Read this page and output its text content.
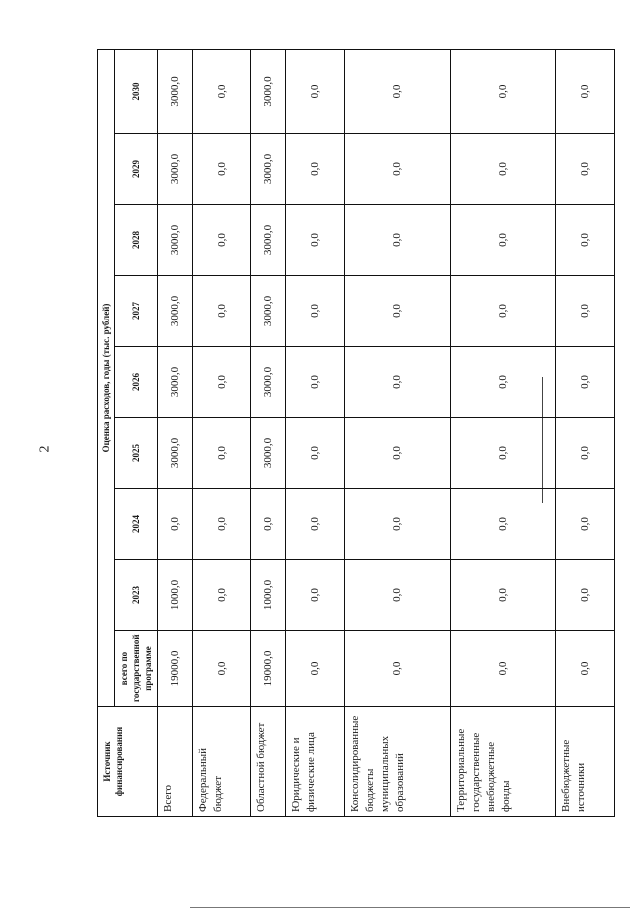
2
Источник финансирования	Оценка расходов, годы (тыс. рублей)								
	всего по государственной программе	2023	2024	2025	2026	2027	2028	2029	2030
Всего	19000,0	1000,0	0,0	3000,0	3000,0	3000,0	3000,0	3000,0	3000,0
Федеральный бюджет	0,0	0,0	0,0	0,0	0,0	0,0	0,0	0,0	0,0
Областной бюджет	19000,0	1000,0	0,0	3000,0	3000,0	3000,0	3000,0	3000,0	3000,0
Юридические и физические лица	0,0	0,0	0,0	0,0	0,0	0,0	0,0	0,0	0,0
Консолидированные бюджеты муниципальных образований	0,0	0,0	0,0	0,0	0,0	0,0	0,0	0,0	0,0
Территориальные государственные внебюджетные фонды	0,0	0,0	0,0	0,0	0,0	0,0	0,0	0,0	0,0
Внебюджетные источники	0,0	0,0	0,0	0,0	0,0	0,0	0,0	0,0	0,0
